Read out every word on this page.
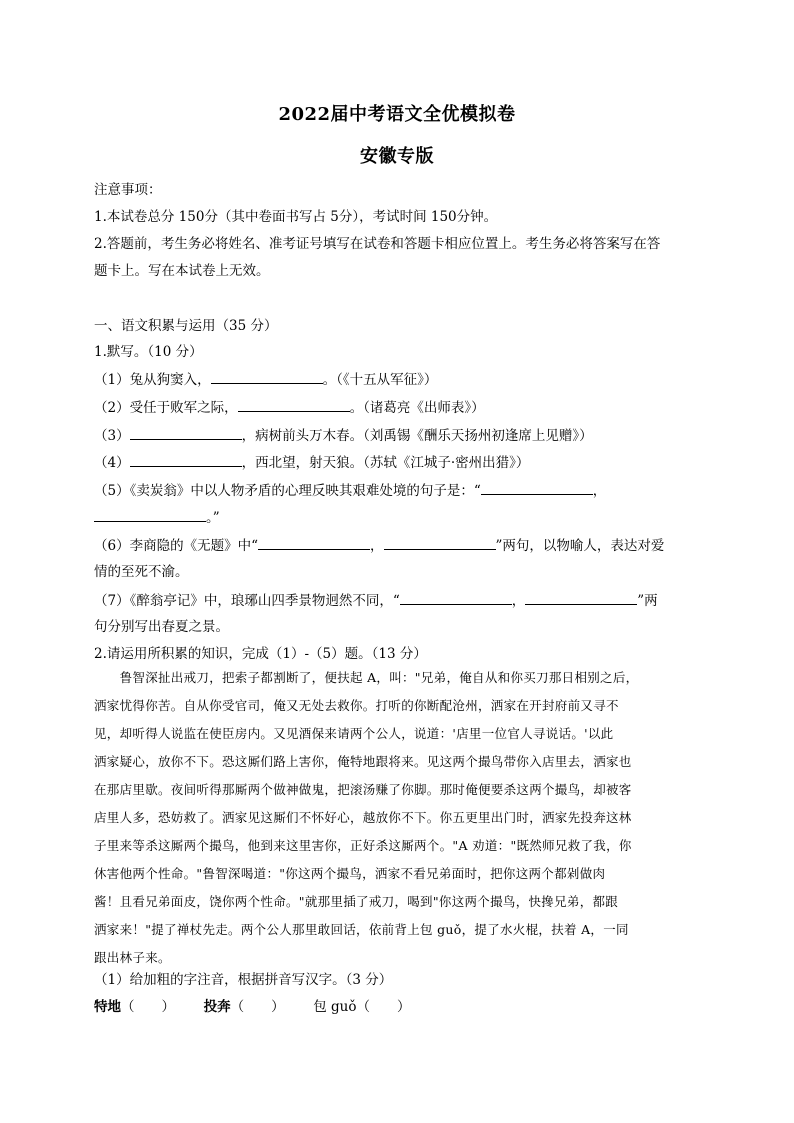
2022届中考语文全优模拟卷
安徽专版
注意事项：
1.本试卷总分 150分（其中卷面书写占 5分），考试时间 150分钟。
2.答题前，考生务必将姓名、准考证号填写在试卷和答题卡相应位置上。考生务必将答案写在答
题卡上。写在本试卷上无效。
一、语文积累与运用（35 分）
1.默写。（10 分）
（1）兔从狗窦入，	。（《十五从军征》）
（2）受任于败军之际，	。（诸葛亮《出师表》）
（3）	，病树前头万木春。（刘禹锡《酬乐天扬州初逢席上见赠》）
（4）	，西北望，射天狼。（苏轼《江城子·密州出猎》）
（5）《卖炭翁》中以人物矛盾的心理反映其艰难处境的句子是：“	，
。”
（6）李商隐的《无题》中“	，	”两句，以物喻人，表达对爱
情的至死不渝。
（7）《醉翁亭记》中，琅琊山四季景物迥然不同，“	，	”两
句分别写出春夏之景。
2.请运用所积累的知识，完成（1）-（5）题。（13 分）
　　鲁智深扯出戒刀，把索子都割断了，便扶起 A，叫："兄弟，俺自从和你买刀那日相别之后，
洒家忧得你苦。自从你受官司，俺又无处去救你。打听的你断配沧州，洒家在开封府前又寻不
见，却听得人说监在使臣房内。又见酒保来请两个公人，说道：'店里一位官人寻说话。'以此
洒家疑心，放你不下。恐这厮们路上害你，俺特地跟将来。见这两个撮鸟带你入店里去，洒家也
在那店里歇。夜间听得那厮两个做神做鬼，把滚汤赚了你脚。那时俺便要杀这两个撮鸟，却被客
店里人多，恐妨救了。洒家见这厮们不怀好心，越放你不下。你五更里出门时，洒家先投奔这林
子里来等杀这厮两个撮鸟，他到来这里害你，正好杀这厮两个。"A 劝道："既然师兄救了我，你
休害他两个性命。"鲁智深喝道："你这两个撮鸟，洒家不看兄弟面时，把你这两个都剁做肉
酱！且看兄弟面皮，饶你两个性命。"就那里插了戒刀，喝到"你这两个撮鸟，快搀兄弟，都跟
洒家来！"提了禅杖先走。两个公人那里敢回话，依前背上包 guǒ，提了水火棍，扶着 A，一同
跟出林子来。
（1）给加粗的字注音，根据拼音写汉字。（3 分）
特地（　　） 投奔（　　） 包 guǒ（　　）
